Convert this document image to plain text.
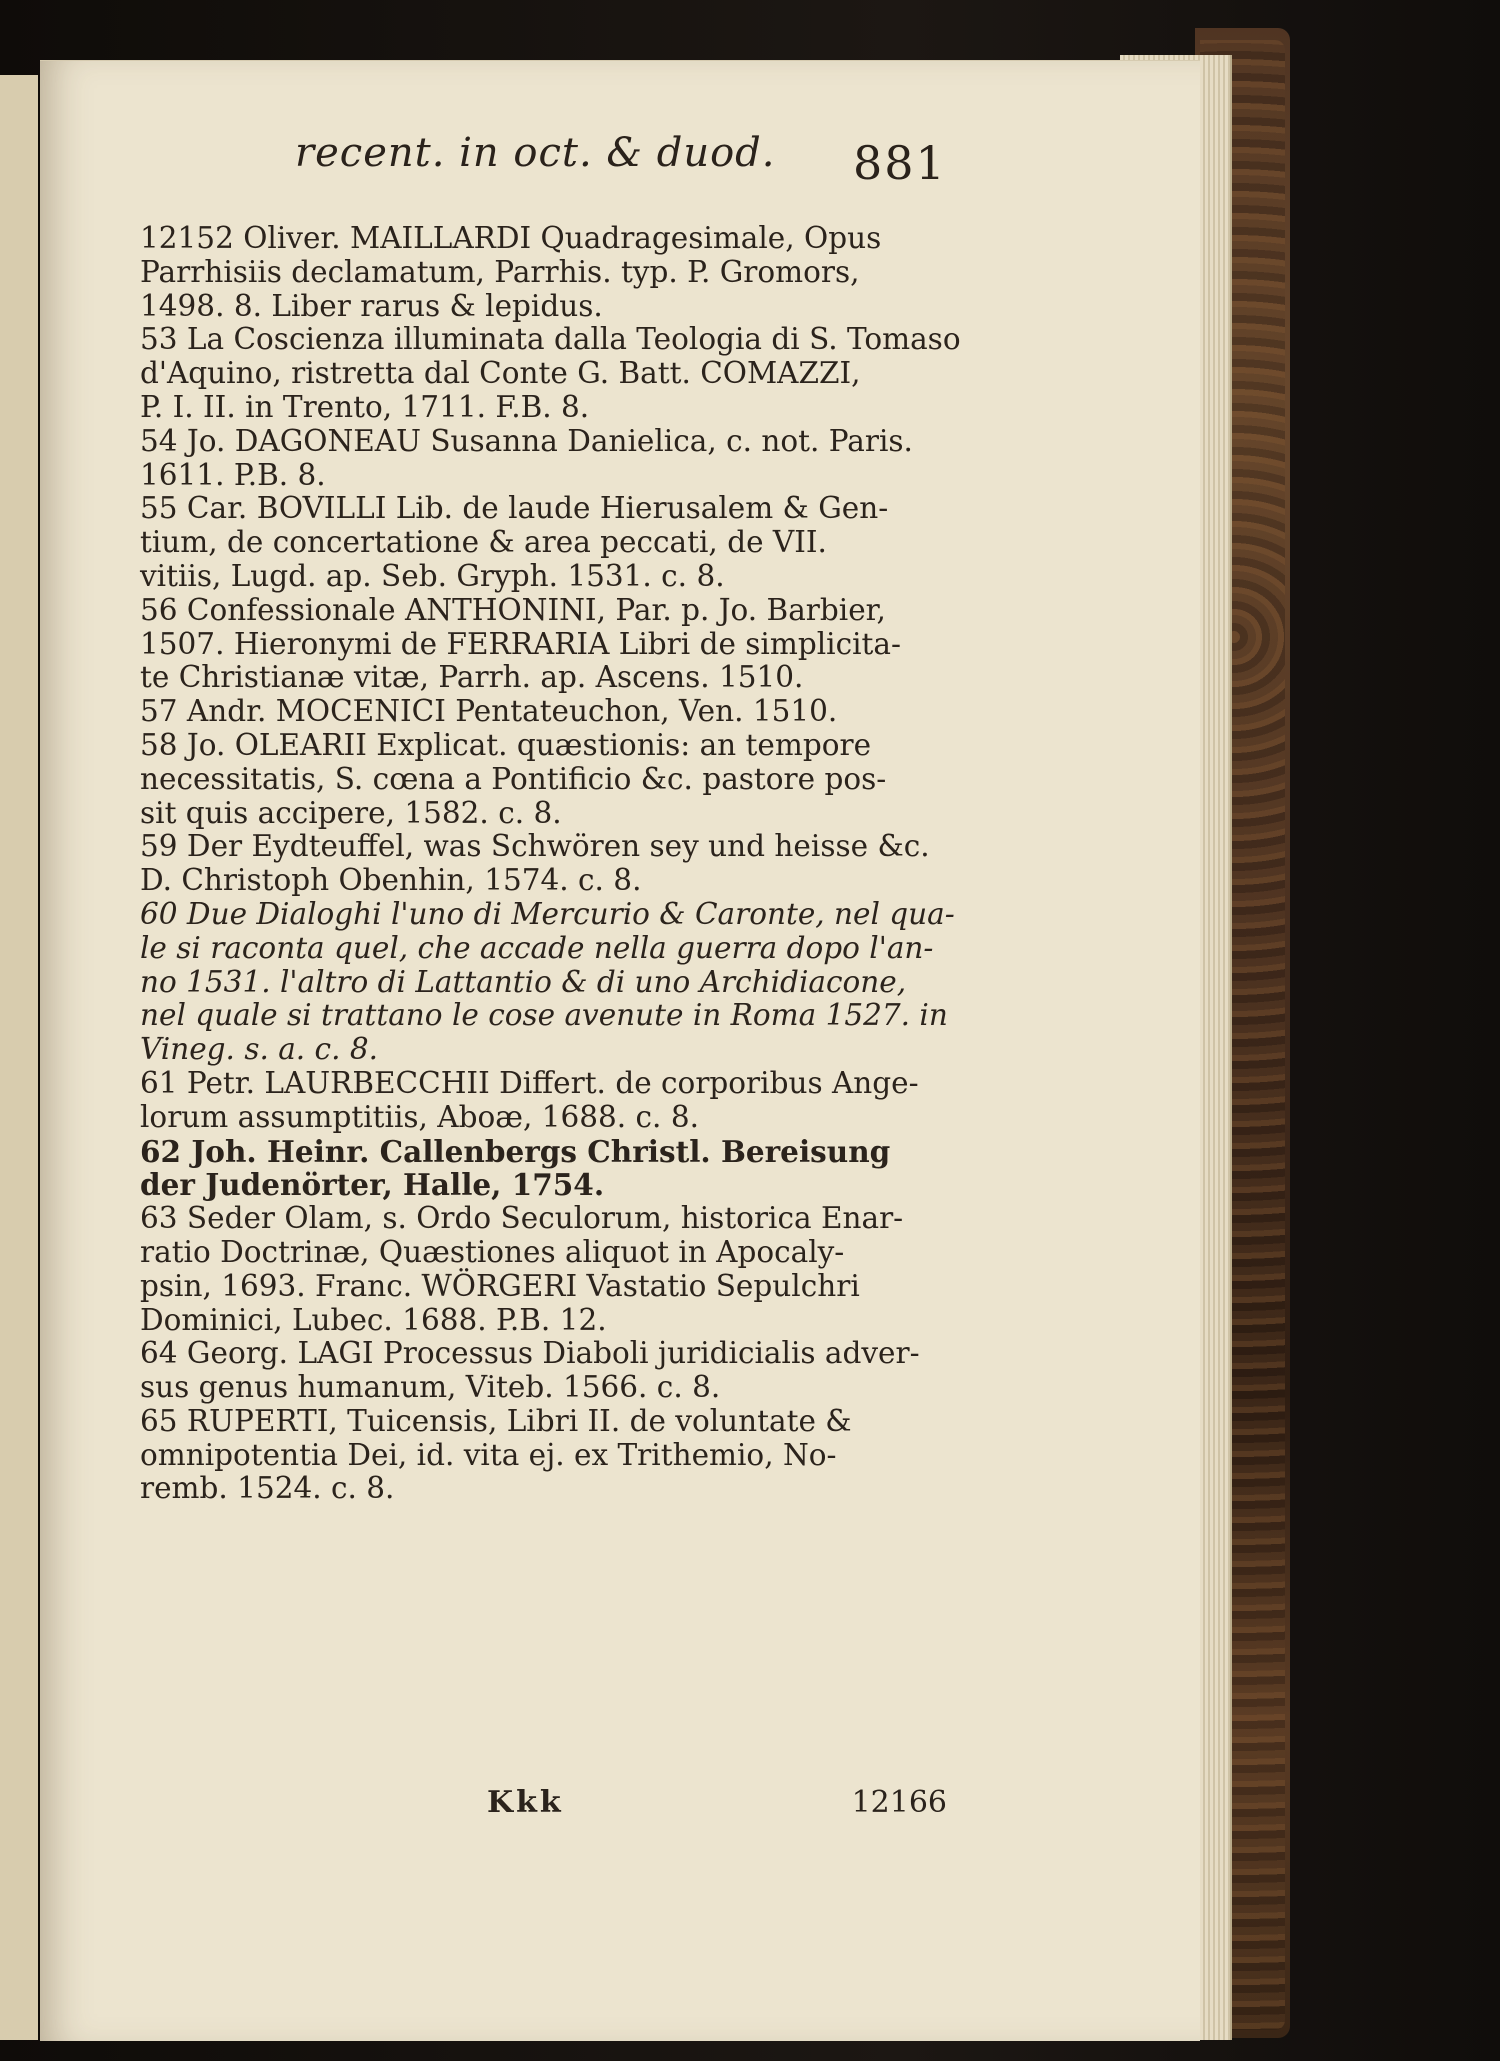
recent. in oct. & duod. 881
12152 Oliver. MAILLARDI Quadragesimale, Opus
Parrhisiis declamatum, Parrhis. typ. P. Gromors,
1498. 8. Liber rarus & lepidus.
53 La Coscienza illuminata dalla Teologia di S. Tomaso
d'Aquino, ristretta dal Conte G. Batt. COMAZZI,
P. I. II. in Trento, 1711. F.B. 8.
54 Jo. DAGONEAU Susanna Danielica, c. not. Paris.
1611. P.B. 8.
55 Car. BOVILLI Lib. de laude Hierusalem & Gen-
tium, de concertatione & area peccati, de VII.
vitiis, Lugd. ap. Seb. Gryph. 1531. c. 8.
56 Confessionale ANTHONINI, Par. p. Jo. Barbier,
1507. Hieronymi de FERRARIA Libri de simplicita-
te Christianæ vitæ, Parrh. ap. Ascens. 1510.
57 Andr. MOCENICI Pentateuchon, Ven. 1510.
58 Jo. OLEARII Explicat. quæstionis: an tempore
necessitatis, S. cœna a Pontificio &c. pastore pos-
sit quis accipere, 1582. c. 8.
59 Der Eydteuffel, was Schwören sey und heisse &c.
D. Christoph Obenhin, 1574. c. 8.
60 Due Dialoghi l'uno di Mercurio & Caronte, nel qua-
le si raconta quel, che accade nella guerra dopo l'an-
no 1531. l'altro di Lattantio & di uno Archidiacone,
nel quale si trattano le cose avenute in Roma 1527. in
Vineg. s. a. c. 8.
61 Petr. LAURBECCHII Differt. de corporibus Ange-
lorum assumptitiis, Aboæ, 1688. c. 8.
62 Joh. Heinr. Callenbergs Christl. Bereisung
der Judenörter, Halle, 1754.
63 Seder Olam, s. Ordo Seculorum, historica Enar-
ratio Doctrinæ, Quæstiones aliquot in Apocaly-
psin, 1693. Franc. WÖRGERI Vastatio Sepulchri
Dominici, Lubec. 1688. P.B. 12.
64 Georg. LAGI Processus Diaboli juridicialis adver-
sus genus humanum, Viteb. 1566. c. 8.
65 RUPERTI, Tuicensis, Libri II. de voluntate &
omnipotentia Dei, id. vita ej. ex Trithemio, No-
remb. 1524. c. 8.
Kkk	12166
